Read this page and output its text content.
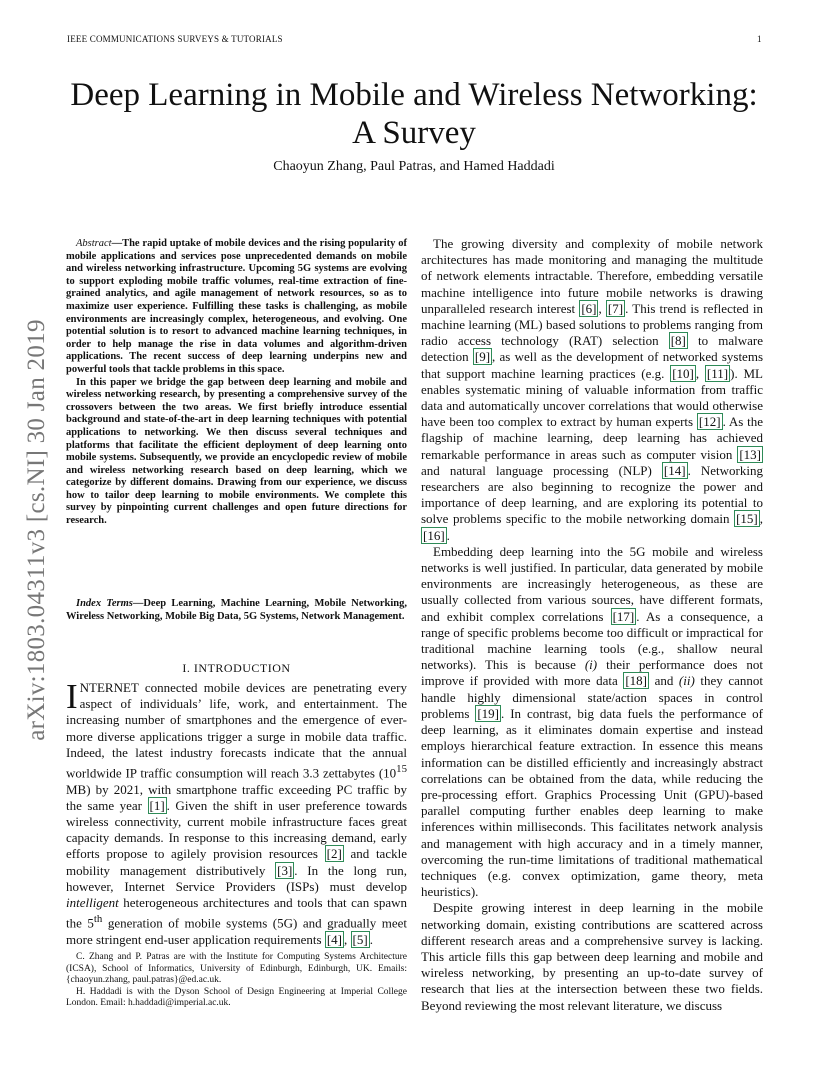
IEEE COMMUNICATIONS SURVEYS & TUTORIALS	1
Deep Learning in Mobile and Wireless Networking:
A Survey
Chaoyun Zhang, Paul Patras, and Hamed Haddadi
arXiv:1803.04311v3 [cs.NI] 30 Jan 2019

Abstract—The rapid uptake of mobile devices and the rising popularity of mobile applications and services pose unprecedented demands on mobile and wireless networking infrastructure. Upcoming 5G systems are evolving to support exploding mobile traffic volumes, real-time extraction of fine-grained analytics, and agile management of network resources, so as to maximize user experience. Fulfilling these tasks is challenging, as mobile environments are increasingly complex, heterogeneous, and evolving. One potential solution is to resort to advanced machine learning techniques, in order to help manage the rise in data volumes and algorithm-driven applications. The recent success of deep learning underpins new and powerful tools that tackle problems in this space.

In this paper we bridge the gap between deep learning and mobile and wireless networking research, by presenting a comprehensive survey of the crossovers between the two areas. We first briefly introduce essential background and state-of-the-art in deep learning techniques with potential applications to networking. We then discuss several techniques and platforms that facilitate the efficient deployment of deep learning onto mobile systems. Subsequently, we provide an encyclopedic review of mobile and wireless networking research based on deep learning, which we categorize by different domains. Drawing from our experience, we discuss how to tailor deep learning to mobile environments. We complete this survey by pinpointing current challenges and open future directions for research.

Index Terms—Deep Learning, Machine Learning, Mobile Networking, Wireless Networking, Mobile Big Data, 5G Systems, Network Management.

I. INTRODUCTION

INTERNET connected mobile devices are penetrating every aspect of individuals’ life, work, and entertainment. The increasing number of smartphones and the emergence of ever-more diverse applications trigger a surge in mobile data traffic. Indeed, the latest industry forecasts indicate that the annual worldwide IP traffic consumption will reach 3.3 zettabytes ($10^{15}$ MB) by 2021, with smartphone traffic exceeding PC traffic by the same year [1] . Given the shift in user preference towards wireless connectivity, current mobile infrastructure faces great capacity demands. In response to this increasing demand, early efforts propose to agilely provision resources [2] and tackle mobility management distributively [3] . In the long run, however, Internet Service Providers (ISPs) must develop intelligent heterogeneous architectures and tools that can spawn the 5th generation of mobile systems (5G) and gradually meet more stringent end-user application requirements [4] , [5] .

C. Zhang and P. Patras are with the Institute for Computing Systems Architecture (ICSA), School of Informatics, University of Edinburgh, Edinburgh, UK. Emails: {chaoyun.zhang, paul.patras}@ed.ac.uk.

H. Haddadi is with the Dyson School of Design Engineering at Imperial College London. Email: h.haddadi@imperial.ac.uk.

The growing diversity and complexity of mobile network architectures has made monitoring and managing the multitude of network elements intractable. Therefore, embedding versatile machine intelligence into future mobile networks is drawing unparalleled research interest [6] , [7] . This trend is reflected in machine learning (ML) based solutions to problems ranging from radio access technology (RAT) selection [8] to malware detection [9] , as well as the development of networked systems that support machine learning practices (e.g. [10] , [11] ). ML enables systematic mining of valuable information from traffic data and automatically uncover correlations that would otherwise have been too complex to extract by human experts [12] . As the flagship of machine learning, deep learning has achieved remarkable performance in areas such as computer vision [13] and natural language processing (NLP) [14] . Networking researchers are also beginning to recognize the power and importance of deep learning, and are exploring its potential to solve problems specific to the mobile networking domain [15] , [16] .

Embedding deep learning into the 5G mobile and wireless networks is well justified. In particular, data generated by mobile environments are increasingly heterogeneous, as these are usually collected from various sources, have different formats, and exhibit complex correlations [17] . As a consequence, a range of specific problems become too difficult or impractical for traditional machine learning tools (e.g., shallow neural networks). This is because (i) their performance does not improve if provided with more data [18] and (ii) they cannot handle highly dimensional state/action spaces in control problems [19] . In contrast, big data fuels the performance of deep learning, as it eliminates domain expertise and instead employs hierarchical feature extraction. In essence this means information can be distilled efficiently and increasingly abstract correlations can be obtained from the data, while reducing the pre-processing effort. Graphics Processing Unit (GPU)-based parallel computing further enables deep learning to make inferences within milliseconds. This facilitates network analysis and management with high accuracy and in a timely manner, overcoming the run-time limitations of traditional mathematical techniques (e.g. convex optimization, game theory, meta heuristics).

Despite growing interest in deep learning in the mobile networking domain, existing contributions are scattered across different research areas and a comprehensive survey is lacking. This article fills this gap between deep learning and mobile and wireless networking, by presenting an up-to-date survey of research that lies at the intersection between these two fields. Beyond reviewing the most relevant literature, we discuss
